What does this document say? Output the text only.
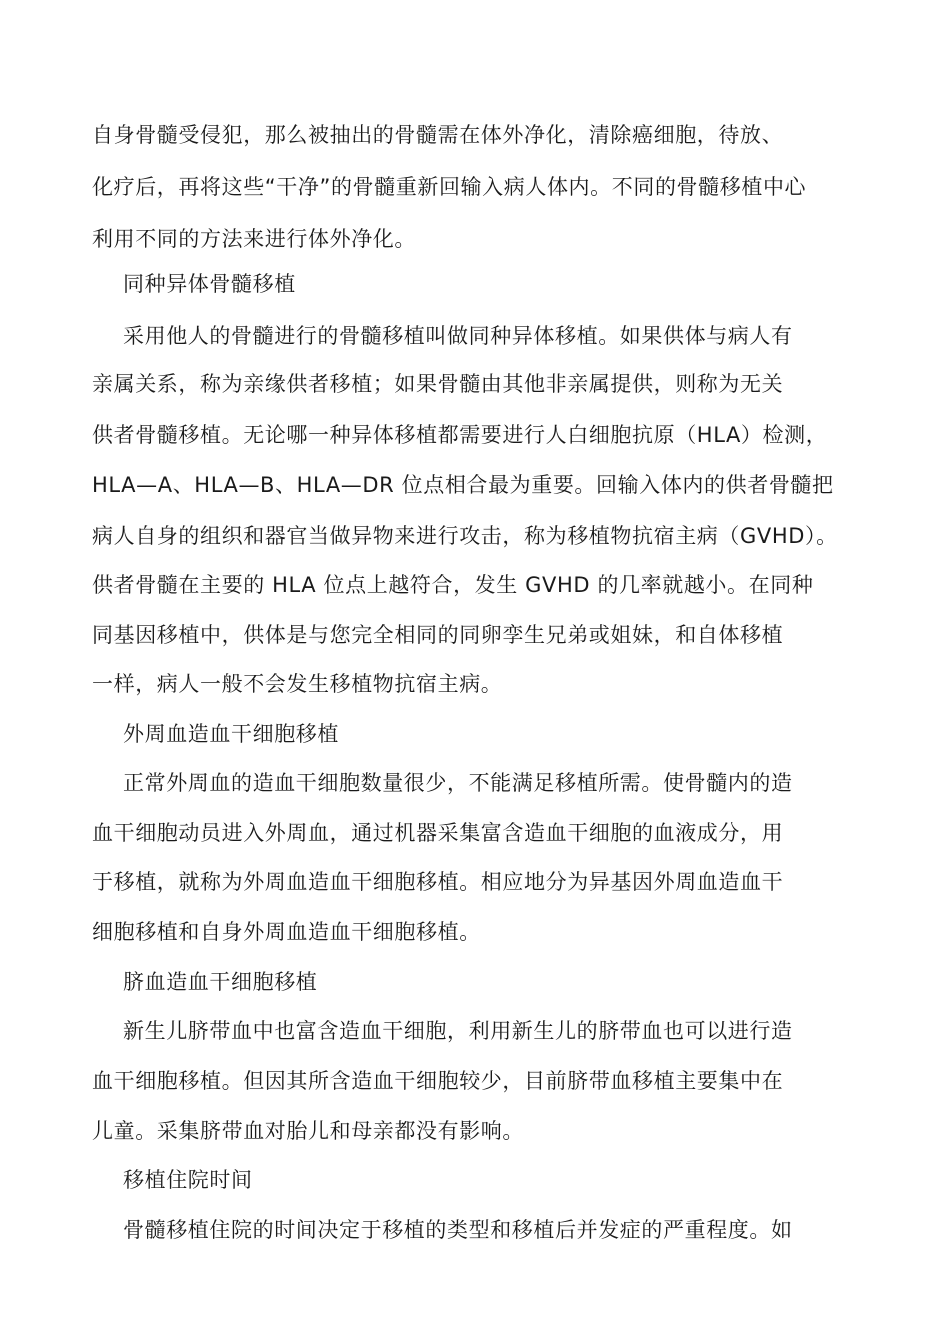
自身骨髓受侵犯，那么被抽出的骨髓需在体外净化，清除癌细胞，待放、
化疗后，再将这些“干净”的骨髓重新回输入病人体内。不同的骨髓移植中心
利用不同的方法来进行体外净化。
同种异体骨髓移植
采用他人的骨髓进行的骨髓移植叫做同种异体移植。如果供体与病人有
亲属关系，称为亲缘供者移植；如果骨髓由其他非亲属提供，则称为无关
供者骨髓移植。无论哪一种异体移植都需要进行人白细胞抗原（HLA）检测，
HLA—A、HLA—B、HLA—DR 位点相合最为重要。回输入体内的供者骨髓把
病人自身的组织和器官当做异物来进行攻击，称为移植物抗宿主病（GVHD）。
供者骨髓在主要的 HLA 位点上越符合，发生 GVHD 的几率就越小。在同种
同基因移植中，供体是与您完全相同的同卵孪生兄弟或姐妹，和自体移植
一样，病人一般不会发生移植物抗宿主病。
外周血造血干细胞移植
正常外周血的造血干细胞数量很少，不能满足移植所需。使骨髓内的造
血干细胞动员进入外周血，通过机器采集富含造血干细胞的血液成分，用
于移植，就称为外周血造血干细胞移植。相应地分为异基因外周血造血干
细胞移植和自身外周血造血干细胞移植。
脐血造血干细胞移植
新生儿脐带血中也富含造血干细胞，利用新生儿的脐带血也可以进行造
血干细胞移植。但因其所含造血干细胞较少，目前脐带血移植主要集中在
儿童。采集脐带血对胎儿和母亲都没有影响。
移植住院时间
骨髓移植住院的时间决定于移植的类型和移植后并发症的严重程度。如
